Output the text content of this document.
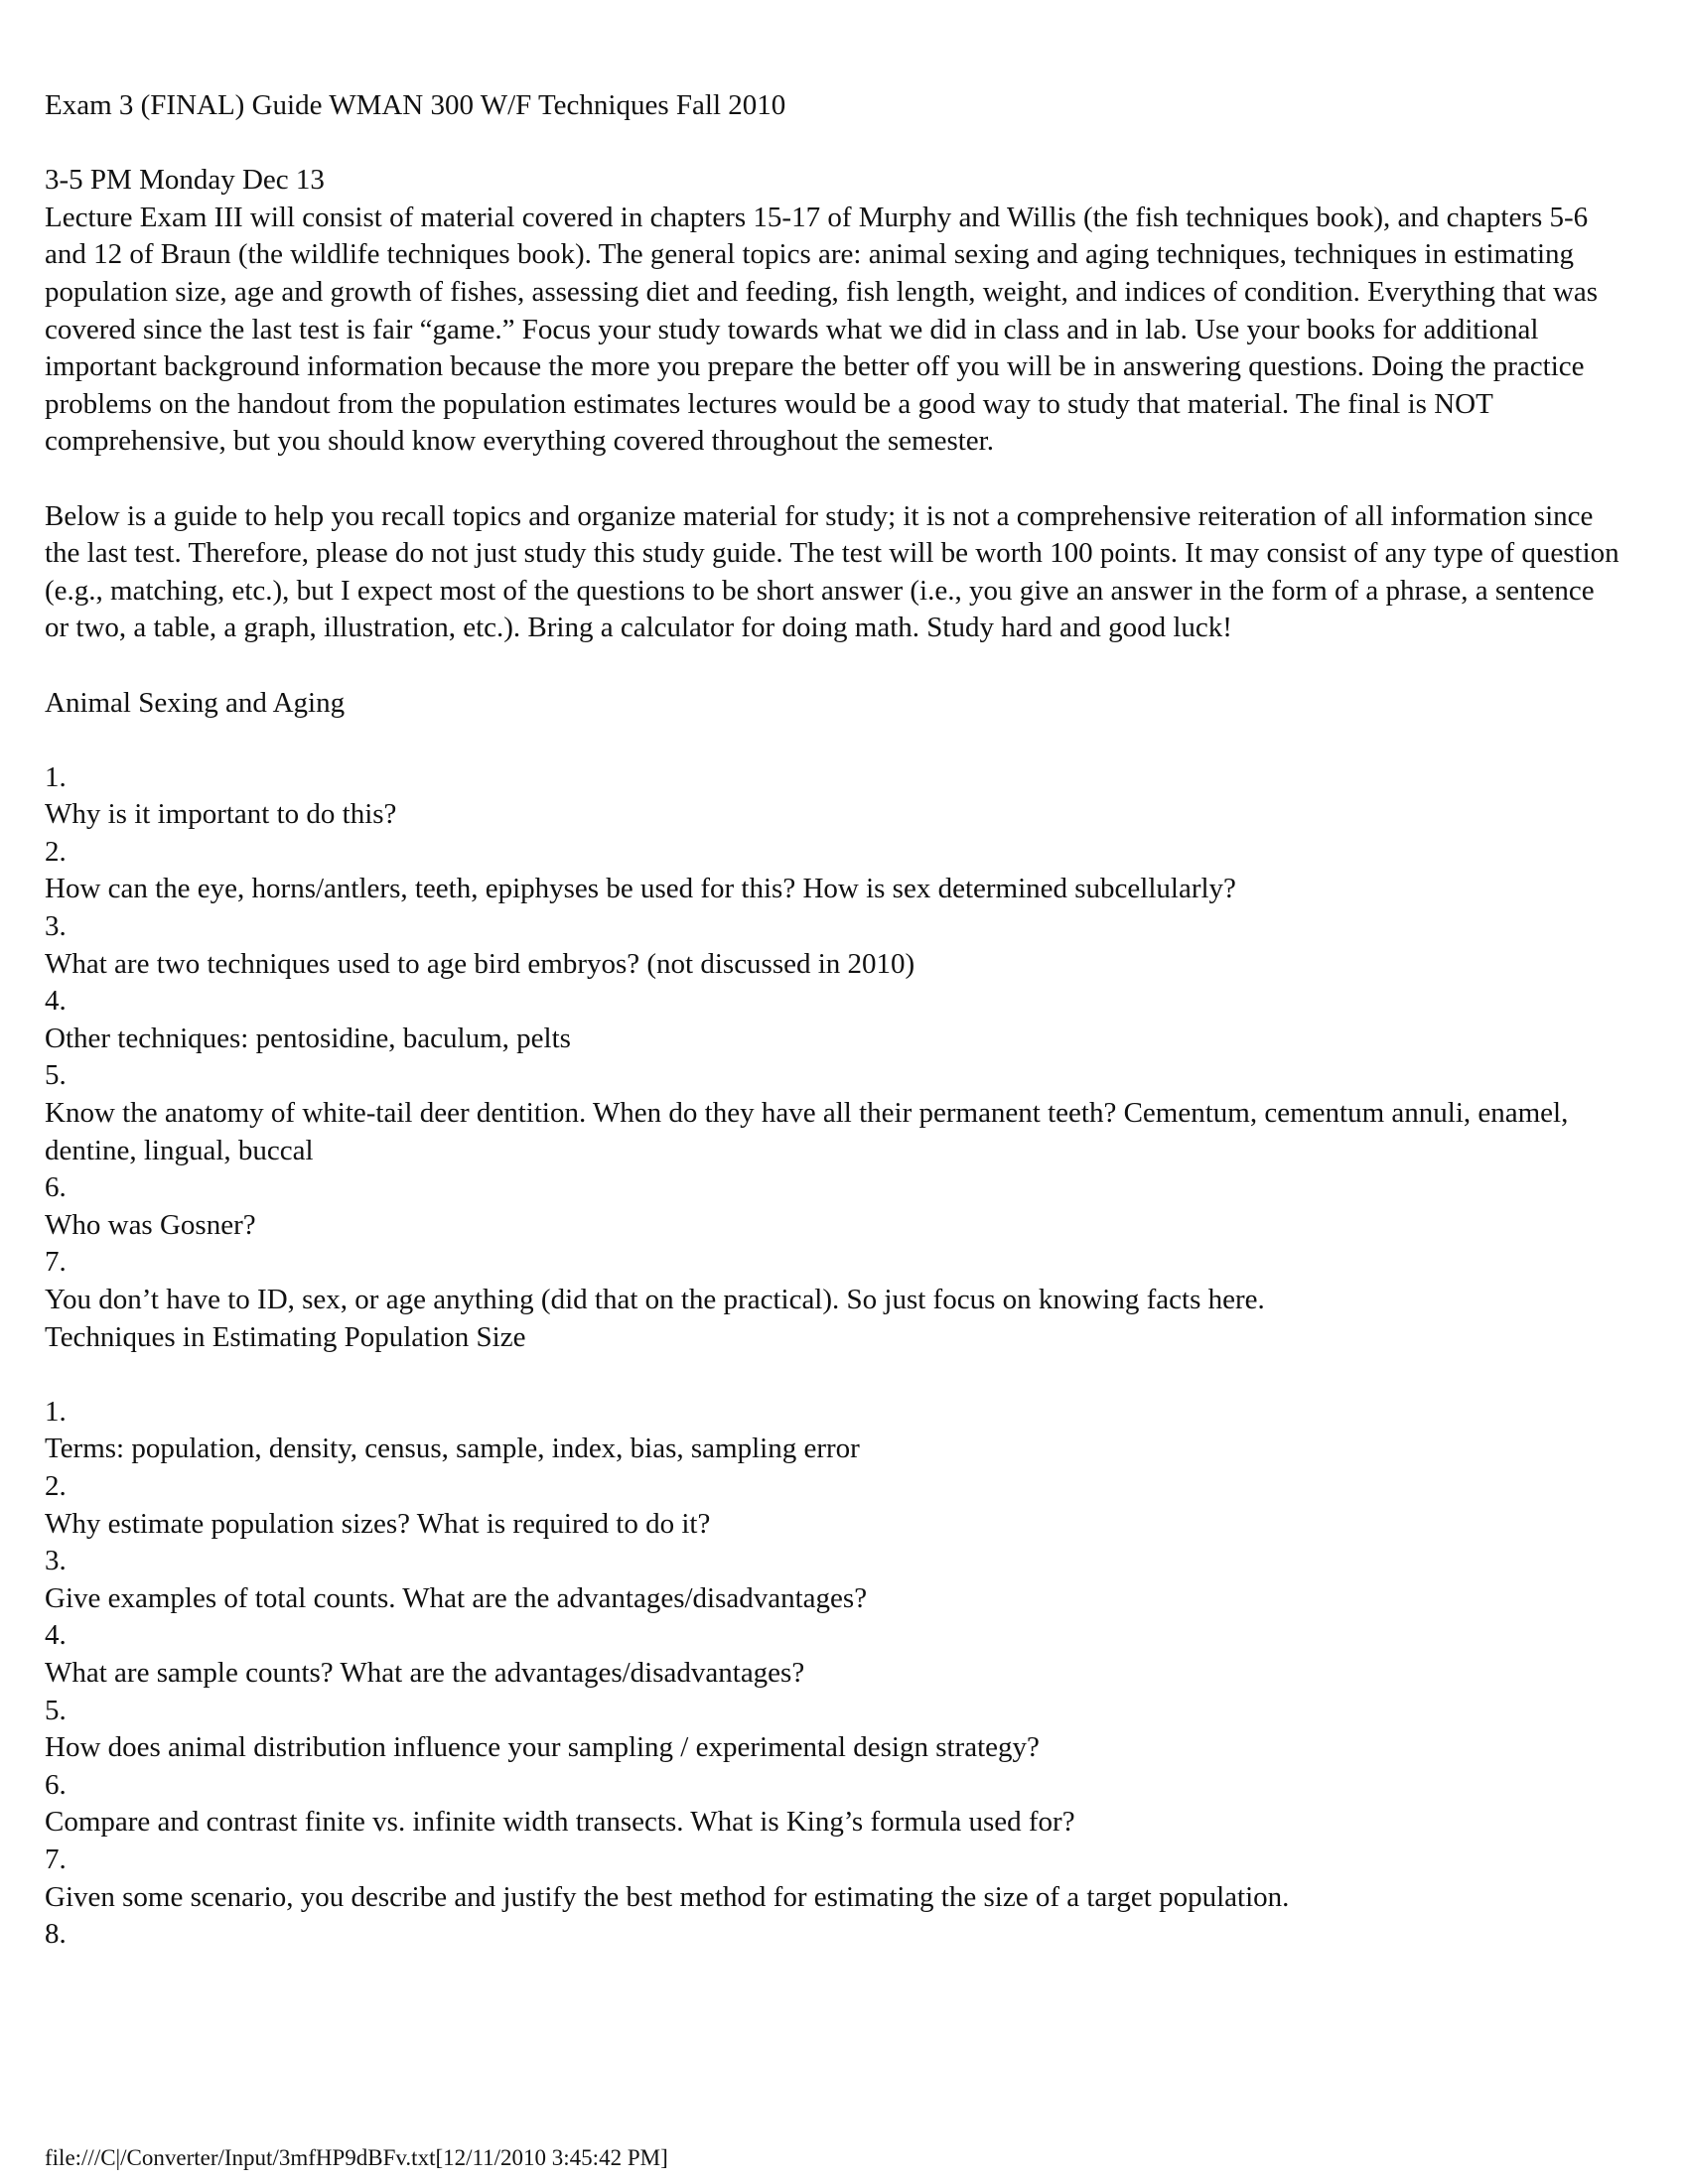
Exam 3 (FINAL) Guide WMAN 300 W/F Techniques Fall 2010

3-5 PM Monday Dec 13

Lecture Exam III will consist of material covered in chapters 15-17 of Murphy and Willis (the fish techniques book), and chapters 5-6 and 12 of Braun (the wildlife techniques book). The general topics are: animal sexing and aging techniques, techniques in estimating population size, age and growth of fishes, assessing diet and feeding, fish length, weight, and indices of condition. Everything that was covered since the last test is fair “game.” Focus your study towards what we did in class and in lab. Use your books for additional important background information because the more you prepare the better off you will be in answering questions. Doing the practice problems on the handout from the population estimates lectures would be a good way to study that material. The final is NOT comprehensive, but you should know everything covered throughout the semester.

Below is a guide to help you recall topics and organize material for study; it is not a comprehensive reiteration of all information since the last test. Therefore, please do not just study this study guide. The test will be worth 100 points. It may consist of any type of question (e.g., matching, etc.), but I expect most of the questions to be short answer (i.e., you give an answer in the form of a phrase, a sentence or two, a table, a graph, illustration, etc.). Bring a calculator for doing math. Study hard and good luck!

Animal Sexing and Aging

1.
Why is it important to do this?
2.
How can the eye, horns/antlers, teeth, epiphyses be used for this? How is sex determined subcellularly?
3.
What are two techniques used to age bird embryos? (not discussed in 2010)
4.
Other techniques: pentosidine, baculum, pelts
5.
Know the anatomy of white-tail deer dentition. When do they have all their permanent teeth? Cementum, cementum annuli, enamel, dentine, lingual, buccal
6.
Who was Gosner?
7.
You don’t have to ID, sex, or age anything (did that on the practical). So just focus on knowing facts here.

Techniques in Estimating Population Size

1.
Terms: population, density, census, sample, index, bias, sampling error
2.
Why estimate population sizes? What is required to do it?
3.
Give examples of total counts. What are the advantages/disadvantages?
4.
What are sample counts? What are the advantages/disadvantages?
5.
How does animal distribution influence your sampling / experimental design strategy?
6.
Compare and contrast finite vs. infinite width transects. What is King’s formula used for?
7.
Given some scenario, you describe and justify the best method for estimating the size of a target population.
8.
file:///C|/Converter/Input/3mfHP9dBFv.txt[12/11/2010 3:45:42 PM]
